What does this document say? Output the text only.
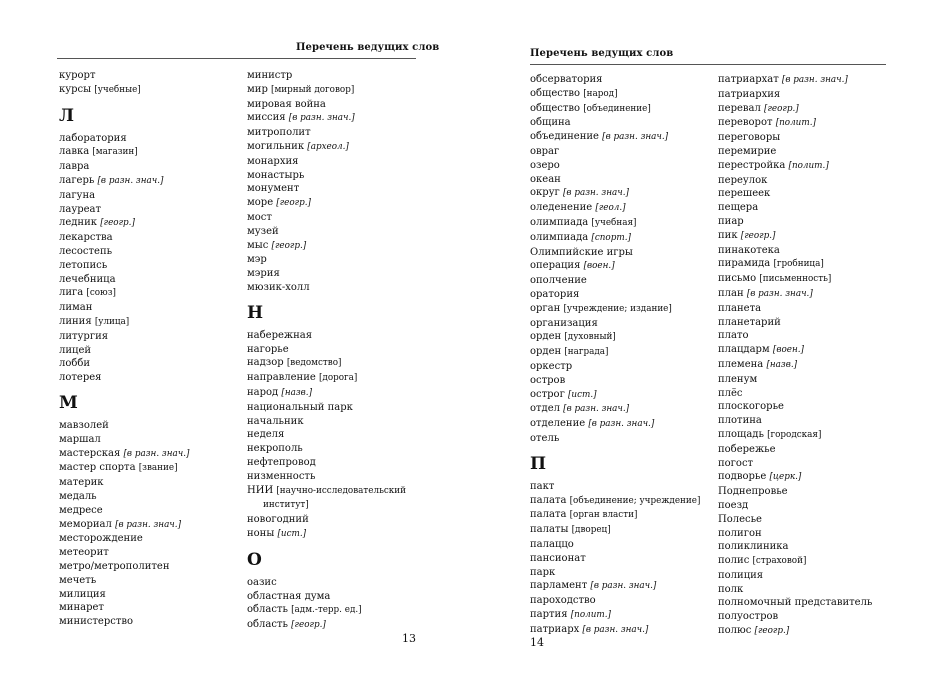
Перечень ведущих слов
курорт
курсы [учебные]
Л
лаборатория
лавка [магазин]
лавра
лагерь [в разн. знач.]
лагуна
лауреат
ледник [геогр.]
лекарства
лесостепь
летопись
лечебница
лига [союз]
лиман
линия [улица]
литургия
лицей
лобби
лотерея
М
мавзолей
маршал
мастерская [в разн. знач.]
мастер спорта [звание]
материк
медаль
медресе
мемориал [в разн. знач.]
месторождение
метеорит
метро/метрополитен
мечеть
милиция
минарет
министерство
министр
мир [мирный договор]
мировая война
миссия [в разн. знач.]
митрополит
могильник [археол.]
монархия
монастырь
монумент
море [геогр.]
мост
музей
мыс [геогр.]
мэр
мэрия
мюзик-холл
Н
набережная
нагорье
надзор [ведомство]
направление [дорога]
народ [назв.]
национальный парк
начальник
неделя
некрополь
нефтепровод
низменность
НИИ [научно-исследовательский
институт]
новогодний
ноны [ист.]
О
оазис
областная дума
область [адм.-терр. ед.]
область [геогр.]
13
Перечень ведущих слов
обсерватория
общество [народ]
общество [объединение]
община
объединение [в разн. знач.]
овраг
озеро
океан
округ [в разн. знач.]
оледенение [геол.]
олимпиада [учебная]
олимпиада [спорт.]
Олимпийские игры
операция [воен.]
ополчение
оратория
орган [учреждение; издание]
организация
орден [духовный]
орден [награда]
оркестр
остров
острог [ист.]
отдел [в разн. знач.]
отделение [в разн. знач.]
отель
П
пакт
палата [объединение; учреждение]
палата [орган власти]
палаты [дворец]
палаццо
пансионат
парк
парламент [в разн. знач.]
пароходство
партия [полит.]
патриарх [в разн. знач.]
патриархат [в разн. знач.]
патриархия
перевал [геогр.]
переворот [полит.]
переговоры
перемирие
перестройка [полит.]
переулок
перешеек
пещера
пиар
пик [геогр.]
пинакотека
пирамида [гробница]
письмо [письменность]
план [в разн. знач.]
планета
планетарий
плато
плацдарм [воен.]
племена [назв.]
пленум
плёс
плоскогорье
плотина
площадь [городская]
побережье
погост
подворье [церк.]
Поднепровье
поезд
Полесье
полигон
поликлиника
полис [страховой]
полиция
полк
полномочный представитель
полуостров
полюс [геогр.]
14
